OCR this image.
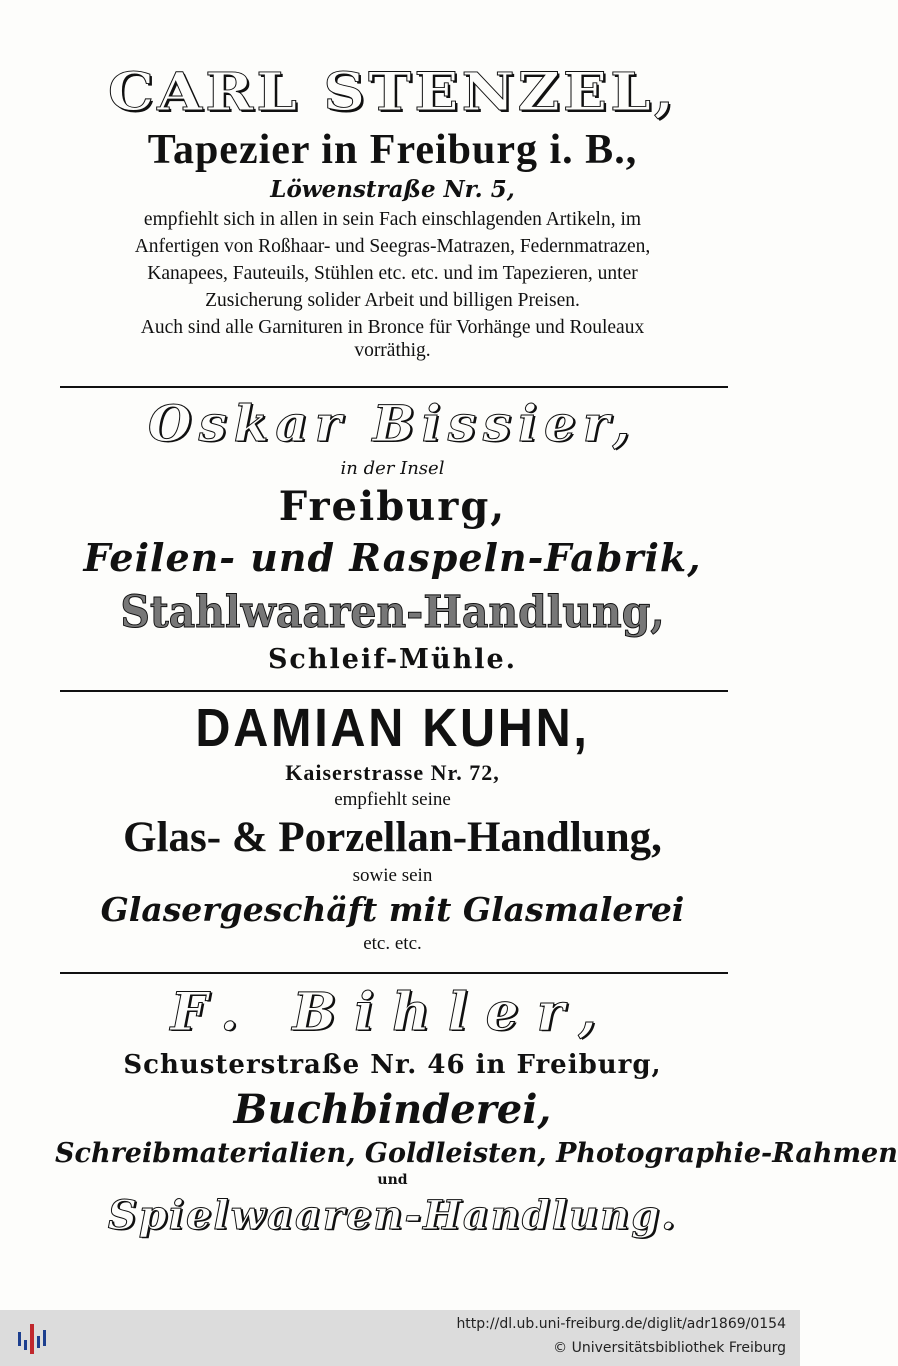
CARL STENZEL,
Tapezier in Freiburg i. B.,
Löwenstraße Nr. 5,
empfiehlt sich in allen in sein Fach einschlagenden Artikeln, im
Anfertigen von Roßhaar- und Seegras-Matrazen, Federnmatrazen,
Kanapees, Fauteuils, Stühlen etc. etc. und im Tapezieren, unter
Zusicherung solider Arbeit und billigen Preisen.
Auch sind alle Garnituren in Bronce für Vorhänge und Rouleaux
vorräthig.
Oskar Bissier,
in der Insel
Freiburg,
Feilen- und Raspeln-Fabrik,
Stahlwaaren-Handlung,
Schleif-Mühle.
DAMIAN KUHN,
Kaiserstrasse Nr. 72,
empfiehlt seine
Glas- & Porzellan-Handlung,
sowie sein
Glasergeschäft mit Glasmalerei
etc. etc.
F. Bihler,
Schusterstraße Nr. 46 in Freiburg,
Buchbinderei,
Schreibmaterialien, Goldleisten, Photographie-Rahmen
und
Spielwaaren-Handlung.
http://dl.ub.uni-freiburg.de/diglit/adr1869/0154
© Universitätsbibliothek Freiburg
